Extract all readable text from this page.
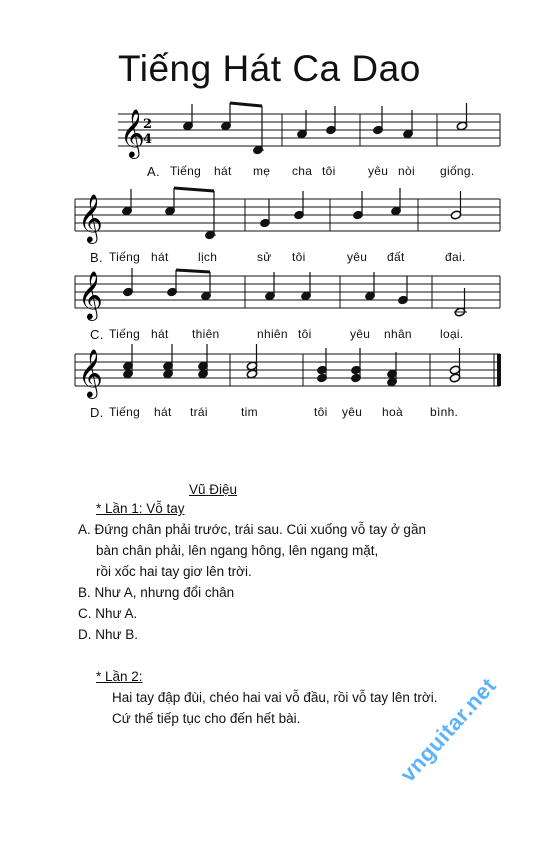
Tiếng Hát Ca Dao
𝄞
2
4
A. Tiếng hát mẹ cha tôi	yêu nòi giống.
𝄞
B. Tiếng hát lịch	sử tôi	yêu đất	đai.
𝄞
C. Tiếng hát thiên	nhiên tôi	yêu nhân loại.
𝄞
D. Tiếng hát trái	tim	tôi yêu hoà bình.
Vũ Điệu
* Lần 1: Vỗ tay
A. Đứng chân phải trước, trái sau. Cúi xuống vỗ tay ở gần
bàn chân phải, lên ngang hông, lên ngang mặt,
rồi xốc hai tay giơ lên trời.
B. Như A, nhưng đổi chân
C. Như A.
D. Như B.
* Lần 2:
Hai tay đập đùi, chéo hai vai vỗ đầu, rồi vỗ tay lên trời.
Cứ thế tiếp tục cho đến hết bài.	vnguitar.net
